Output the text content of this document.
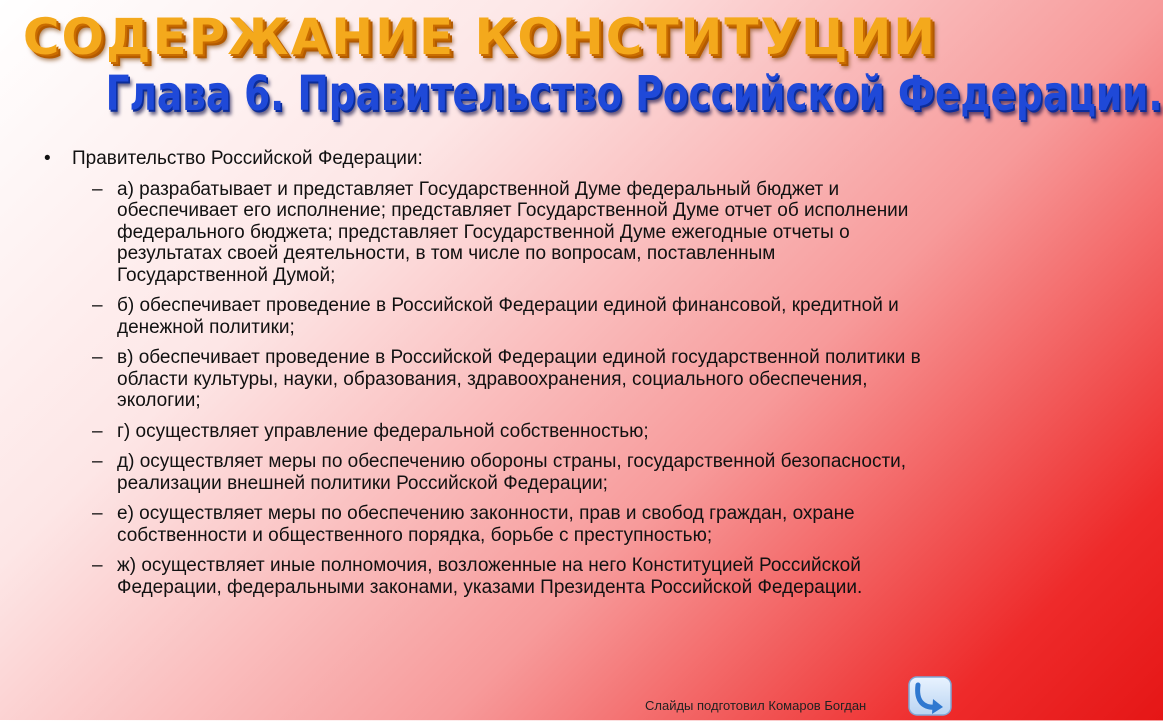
СОДЕРЖАНИЕ КОНСТИТУЦИИ
Глава 6. Правительство Российской Федерации.
• Правительство Российской Федерации:
– а) разрабатывает и представляет Государственной Думе федеральный бюджет и обеспечивает его исполнение; представляет Государственной Думе отчет об исполнении федерального бюджета; представляет Государственной Думе ежегодные отчеты о результатах своей деятельности, в том числе по вопросам, поставленным Государственной Думой;
– б) обеспечивает проведение в Российской Федерации единой финансовой, кредитной и денежной политики;
– в) обеспечивает проведение в Российской Федерации единой государственной политики в области культуры, науки, образования, здравоохранения, социального обеспечения, экологии;
– г) осуществляет управление федеральной собственностью;
– д) осуществляет меры по обеспечению обороны страны, государственной безопасности, реализации внешней политики Российской Федерации;
– е) осуществляет меры по обеспечению законности, прав и свобод граждан, охране собственности и общественного порядка, борьбе с преступностью;
– ж) осуществляет иные полномочия, возложенные на него Конституцией Российской Федерации, федеральными законами, указами Президента Российской Федерации.
Слайды подготовил Комаров Богдан
